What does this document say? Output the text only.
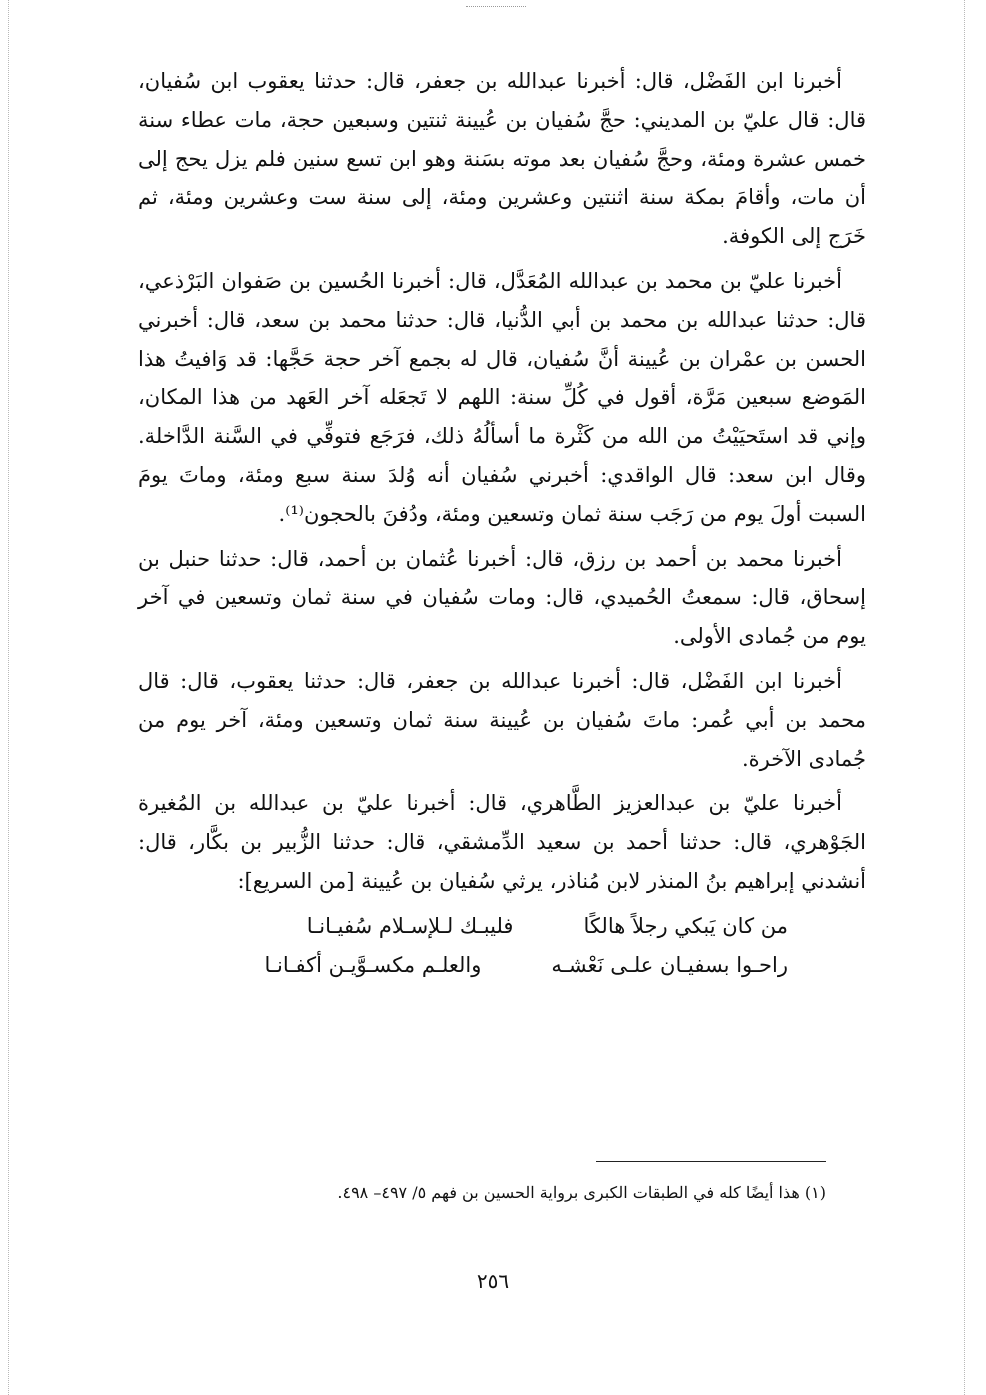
أخبرنا ابن الفَضْل، قال: أخبرنا عبدالله بن جعفر، قال: حدثنا يعقوب ابن سُفيان، قال: قال عليّ بن المديني: حجَّ سُفيان بن عُيينة ثنتين وسبعين حجة، مات عطاء سنة خمس عشرة ومئة، وحجَّ سُفيان بعد موته بسَنة وهو ابن تسع سنين فلم يزل يحج إلى أن مات، وأقامَ بمكة سنة اثنتين وعشرين ومئة، إلى سنة ست وعشرين ومئة، ثم خَرَج إلى الكوفة.

أخبرنا عليّ بن محمد بن عبدالله المُعَدَّل، قال: أخبرنا الحُسين بن صَفوان البَرْذعي، قال: حدثنا عبدالله بن محمد بن أبي الدُّنيا، قال: حدثنا محمد بن سعد، قال: أخبرني الحسن بن عمْران بن عُيينة أنَّ سُفيان، قال له بجمع آخر حجة حَجَّها: قد وَافيتُ هذا المَوضع سبعين مَرَّة، أقول في كُلِّ سنة: اللهم لا تَجعَله آخر العَهد من هذا المكان، وإني قد استَحيَيْتُ من الله من كَثْرة ما أسألُهُ ذلك، فرَجَع فتوفِّي في السَّنة الدَّاخلة. وقال ابن سعد: قال الواقدي: أخبرني سُفيان أنه وُلدَ سنة سبع ومئة، وماتَ يومَ السبت أولَ يوم من رَجَب سنة ثمان وتسعين ومئة، ودُفنَ بالحجون⁽¹⁾.

أخبرنا محمد بن أحمد بن رزق، قال: أخبرنا عُثمان بن أحمد، قال: حدثنا حنبل بن إسحاق، قال: سمعتُ الحُميدي، قال: ومات سُفيان في سنة ثمان وتسعين في آخر يوم من جُمادى الأولى.

أخبرنا ابن الفَضْل، قال: أخبرنا عبدالله بن جعفر، قال: حدثنا يعقوب، قال: قال محمد بن أبي عُمر: ماتَ سُفيان بن عُيينة سنة ثمان وتسعين ومئة، آخر يوم من جُمادى الآخرة.

أخبرنا عليّ بن عبدالعزيز الطَّاهري، قال: أخبرنا عليّ بن عبدالله بن المُغيرة الجَوْهري، قال: حدثنا أحمد بن سعيد الدِّمشقي، قال: حدثنا الزُّبير بن بكَّار، قال: أنشدني إبراهيم بنُ المنذر لابن مُناذر، يرثي سُفيان بن عُيينة [من السريع]:

من كان يَبكي رجلاً هالكًا
فليبـك لـلإسـلام سُفيـانـا
راحـوا بسفيـان علـى نَعْشـه
والعلـم مكسـوَّيـن أكفـانـا
(١) هذا أيضًا كله في الطبقات الكبرى برواية الحسين بن فهم ٥/ ٤٩٧– ٤٩٨.
٢٥٦
